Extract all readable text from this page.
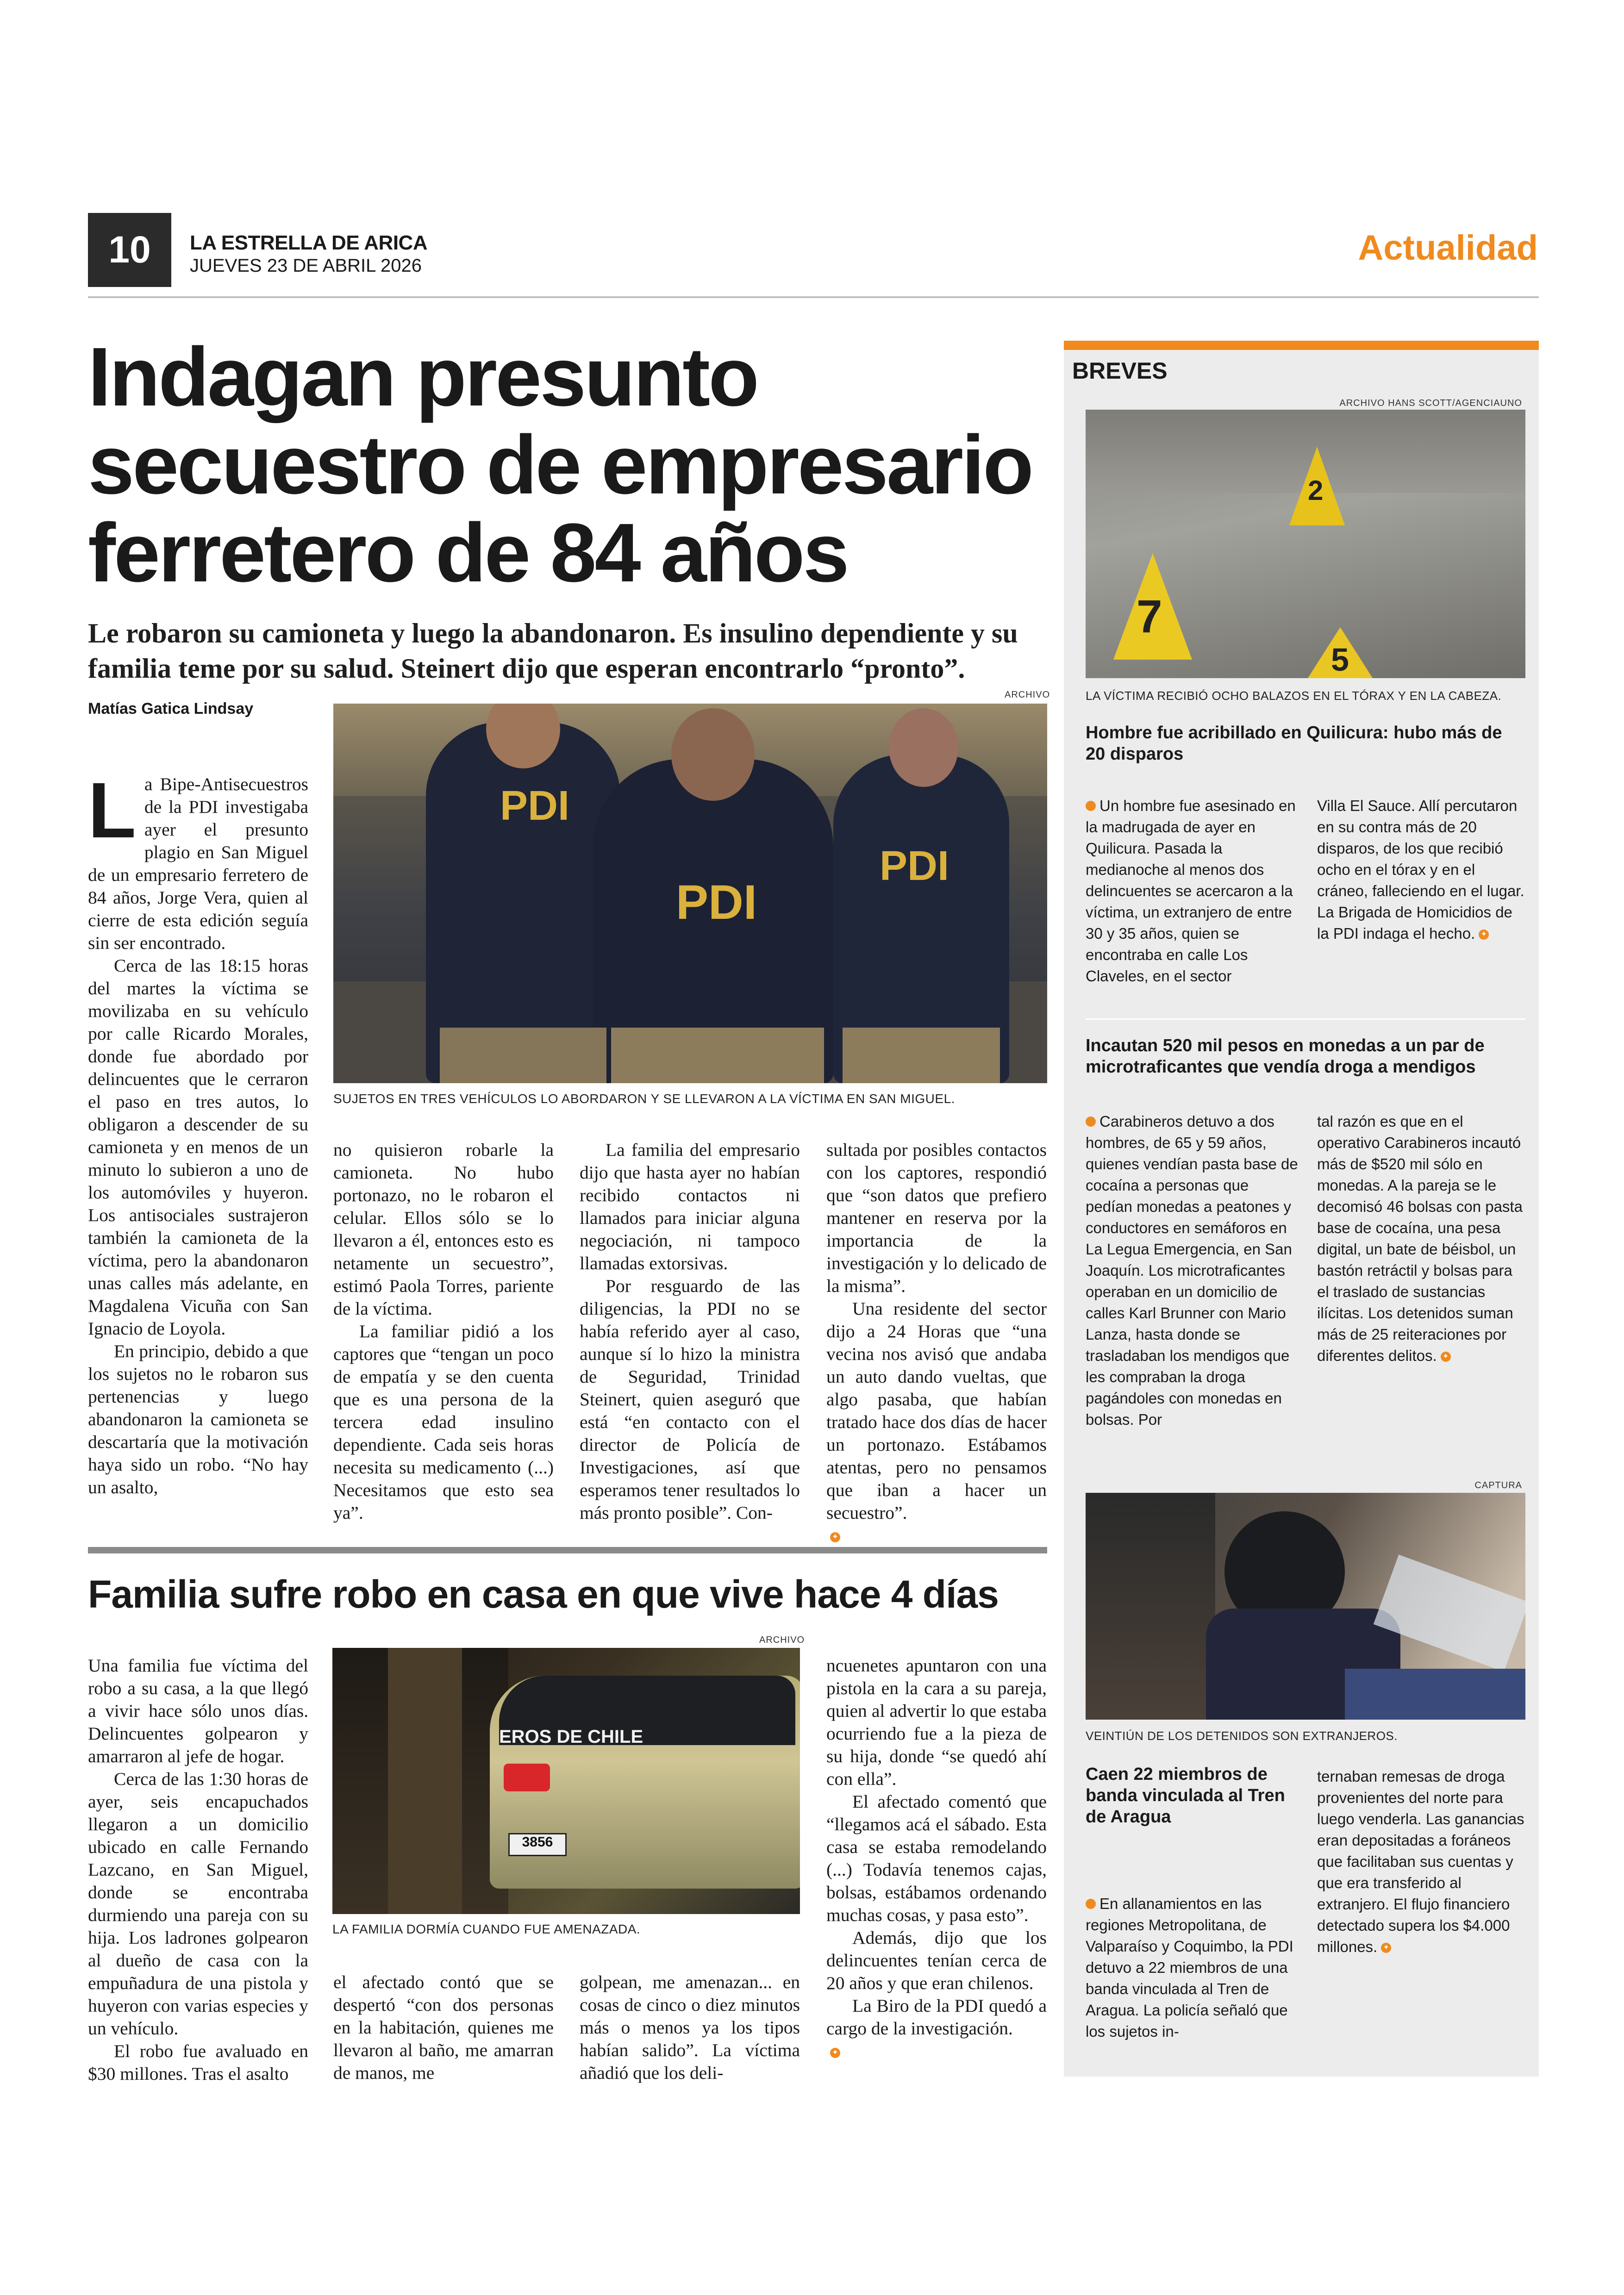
10	LA ESTRELLA DE ARICA
JUEVES 23 DE ABRIL 2026	Actualidad
Indagan presunto secuestro de empresario ferretero de 84 años
Le robaron su camioneta y luego la abandonaron. Es insulino dependiente y su familia teme por su salud. Steinert dijo que esperan encontrarlo “pronto”.
Matías Gatica Lindsay
ARCHIVO
PDI
PDI
PDI
SUJETOS EN TRES VEHÍCULOS LO ABORDARON Y SE LLEVARON A LA VÍCTIMA EN SAN MIGUEL.
La Bipe-Antisecuestros de la PDI investigaba ayer el presunto plagio en San Miguel de un empresario ferretero de 84 años, Jorge Vera, quien al cierre de esta edición seguía sin ser encontrado.
Cerca de las 18:15 horas del martes la víctima se movilizaba en su vehículo por calle Ricardo Morales, donde fue abordado por delincuentes que le cerraron el paso en tres autos, lo obligaron a descender de su camioneta y en menos de un minuto lo subieron a uno de los automóviles y huyeron. Los antisociales sustrajeron también la camioneta de la víctima, pero la abandonaron unas calles más adelante, en Magdalena Vicuña con San Ignacio de Loyola.
En principio, debido a que los sujetos no le robaron sus pertenencias y luego abandonaron la camioneta se descartaría que la motivación haya sido un robo. “No hay un asalto,
no quisieron robarle la camioneta. No hubo portonazo, no le robaron el celular. Ellos sólo se lo llevaron a él, entonces esto es netamente un secuestro”, estimó Paola Torres, pariente de la víctima.
La familiar pidió a los captores que “tengan un poco de empatía y se den cuenta que es una persona de la tercera edad insulino dependiente. Cada seis horas necesita su medicamento (...) Necesitamos que esto sea ya”.
La familia del empresario dijo que hasta ayer no habían recibido contactos ni llamados para iniciar alguna negociación, ni tampoco llamadas extorsivas.
Por resguardo de las diligencias, la PDI no se había referido ayer al caso, aunque sí lo hizo la ministra de Seguridad, Trinidad Steinert, quien aseguró que está “en contacto con el director de Policía de Investigaciones, así que esperamos tener resultados lo más pronto posible”. Con-
sultada por posibles contactos con los captores, respondió que “son datos que prefiero mantener en reserva por la importancia de la investigación y lo delicado de la misma”.
Una residente del sector dijo a 24 Horas que “una vecina nos avisó que andaba un auto dando vueltas, que algo pasaba, que habían tratado hace dos días de hacer un portonazo. Estábamos atentas, pero no pensamos que iban a hacer un secuestro”.
✦
Familia sufre robo en casa en que vive hace 4 días
ARCHIVO
EROS DE CHILE
3856
LA FAMILIA DORMÍA CUANDO FUE AMENAZADA.
Una familia fue víctima del robo a su casa, a la que llegó a vivir hace sólo unos días. Delincuentes golpearon y amarraron al jefe de hogar.
Cerca de las 1:30 horas de ayer, seis encapuchados llegaron a un domicilio ubicado en calle Fernando Lazcano, en San Miguel, donde se encontraba durmiendo una pareja con su hija. Los ladrones golpearon al dueño de casa con la empuñadura de una pistola y huyeron con varias especies y un vehículo.
El robo fue avaluado en $30 millones. Tras el asalto
el afectado contó que se despertó “con dos personas en la habitación, quienes me llevaron al baño, me amarran de manos, me
golpean, me amenazan... en cosas de cinco o diez minutos más o menos ya los tipos habían salido”. La víctima añadió que los deli-
ncuenetes apuntaron con una pistola en la cara a su pareja, quien al advertir lo que estaba ocurriendo fue a la pieza de su hija, donde “se quedó ahí con ella”.
El afectado comentó que “llegamos acá el sábado. Esta casa se estaba remodelando (...) Todavía tenemos cajas, bolsas, estábamos ordenando muchas cosas, y pasa esto”.
Además, dijo que los delincuentes tenían cerca de 20 años y que eran chilenos.
La Biro de la PDI quedó a cargo de la investigación.
✦
BREVES
ARCHIVO HANS SCOTT/AGENCIAUNO
2
7
5
LA VÍCTIMA RECIBIÓ OCHO BALAZOS EN EL TÓRAX Y EN LA CABEZA.
Hombre fue acribillado en Quilicura: hubo más de 20 disparos
Un hombre fue asesinado en la madrugada de ayer en Quilicura. Pasada la medianoche al menos dos delincuentes se acercaron a la víctima, un extranjero de entre 30 y 35 años, quien se encontraba en calle Los Claveles, en el sector
Villa El Sauce. Allí percutaron en su contra más de 20 disparos, de los que recibió ocho en el tórax y en el cráneo, falleciendo en el lugar. La Brigada de Homicidios de la PDI indaga el hecho. ✦
Incautan 520 mil pesos en monedas a un par de microtraficantes que vendía droga a mendigos
Carabineros detuvo a dos hombres, de 65 y 59 años, quienes vendían pasta base de cocaína a personas que pedían monedas a peatones y conductores en semáforos en La Legua Emergencia, en San Joaquín. Los microtraficantes operaban en un domicilio de calles Karl Brunner con Mario Lanza, hasta donde se trasladaban los mendigos que les compraban la droga pagándoles con monedas en bolsas. Por
tal razón es que en el operativo Carabineros incautó más de $520 mil sólo en monedas. A la pareja se le decomisó 46 bolsas con pasta base de cocaína, una pesa digital, un bate de béisbol, un bastón retráctil y bolsas para el traslado de sustancias ilícitas. Los detenidos suman más de 25 reiteraciones por diferentes delitos. ✦
CAPTURA
VEINTIÚN DE LOS DETENIDOS SON EXTRANJEROS.
Caen 22 miembros de banda vinculada al Tren de Aragua
En allanamientos en las regiones Metropolitana, de Valparaíso y Coquimbo, la PDI detuvo a 22 miembros de una banda vinculada al Tren de Aragua. La policía señaló que los sujetos in-
ternaban remesas de droga provenientes del norte para luego venderla. Las ganancias eran depositadas a foráneos que facilitaban sus cuentas y que era transferido al extranjero. El flujo financiero detectado supera los $4.000 millones. ✦
